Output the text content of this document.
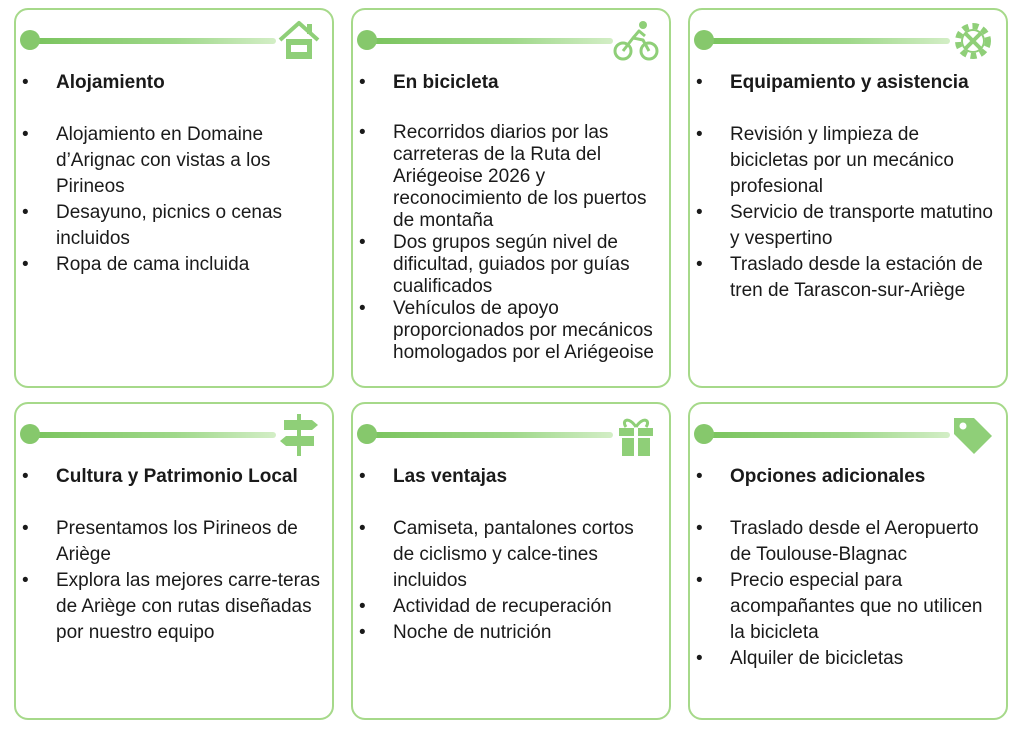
•	Alojamiento
•	Alojamiento en Domaine d’Arignac con vistas a los Pirineos
•	Desayuno, picnics o cenas incluidos
•	Ropa de cama incluida
•	En bicicleta
•	Recorridos diarios por las carreteras de la Ruta del Ariégeoise 2026 y reconocimiento de los puertos de montaña
•	Dos grupos según nivel de dificultad, guiados por guías cualificados
•	Vehículos de apoyo proporcionados por mecánicos homologados por el Ariégeoise
•	Equipamiento y asistencia
•	Revisión y limpieza de bicicletas por un mecánico profesional
•	Servicio de transporte matutino y vespertino
•	Traslado desde la estación de tren de Tarascon-sur-Ariège
•	Cultura y Patrimonio Local
•	Presentamos los Pirineos de Ariège
•	Explora las mejores carre-teras de Ariège con rutas diseñadas por nuestro equipo
•	Las ventajas
•	Camiseta, pantalones cortos de ciclismo y calce-tines incluidos
•	Actividad de recuperación
•	Noche de nutrición
•	Opciones adicionales
•	Traslado desde el Aeropuerto de Toulouse-Blagnac
•	Precio especial para acompañantes que no utilicen la bicicleta
•	Alquiler de bicicletas
